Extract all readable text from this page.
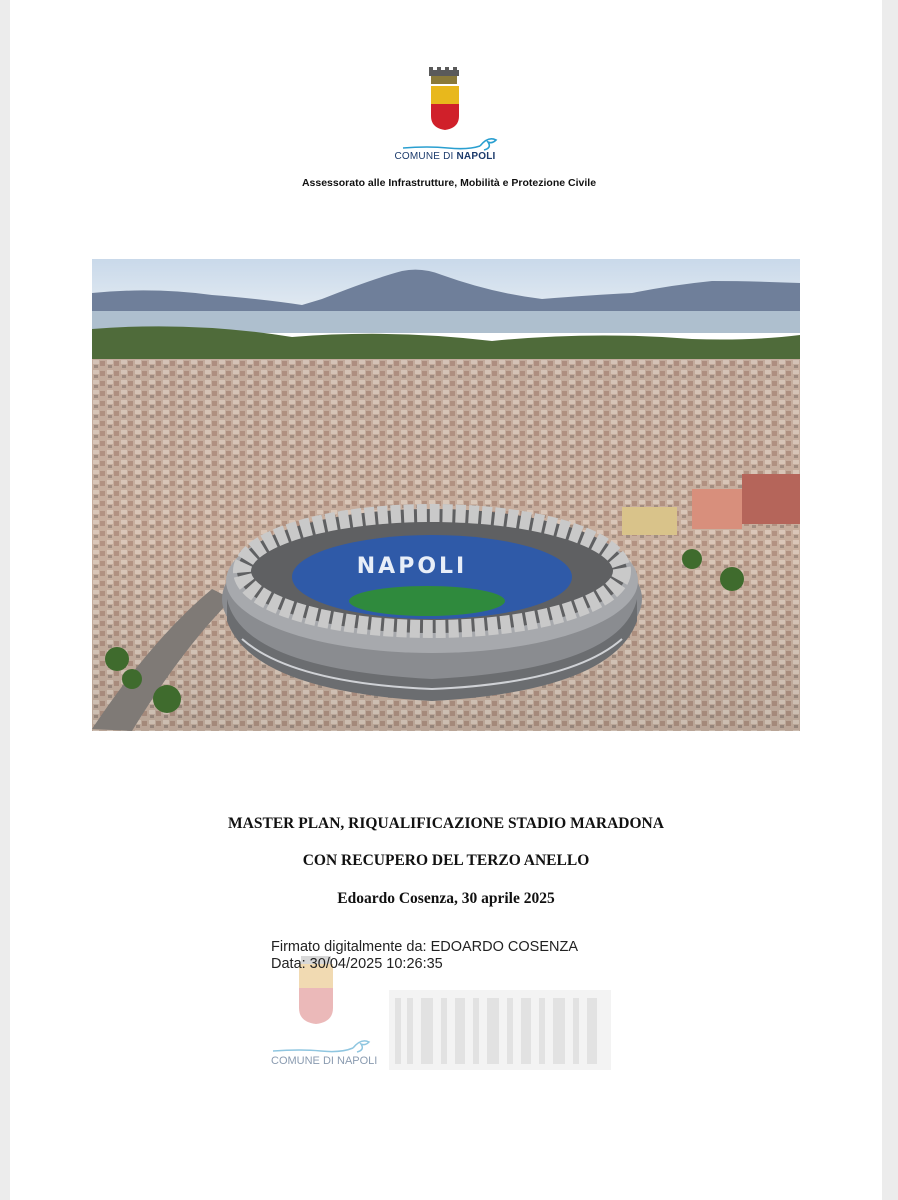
COMUNE DI NAPOLI
Assessorato alle Infrastrutture, Mobilità e Protezione Civile
NAPOLI
MASTER PLAN, RIQUALIFICAZIONE STADIO MARADONA
CON RECUPERO DEL TERZO ANELLO
Edoardo Cosenza, 30 aprile 2025
Firmato digitalmente da: EDOARDO COSENZA
Data: 30/04/2025 10:26:35
COMUNE DI NAPOLI
